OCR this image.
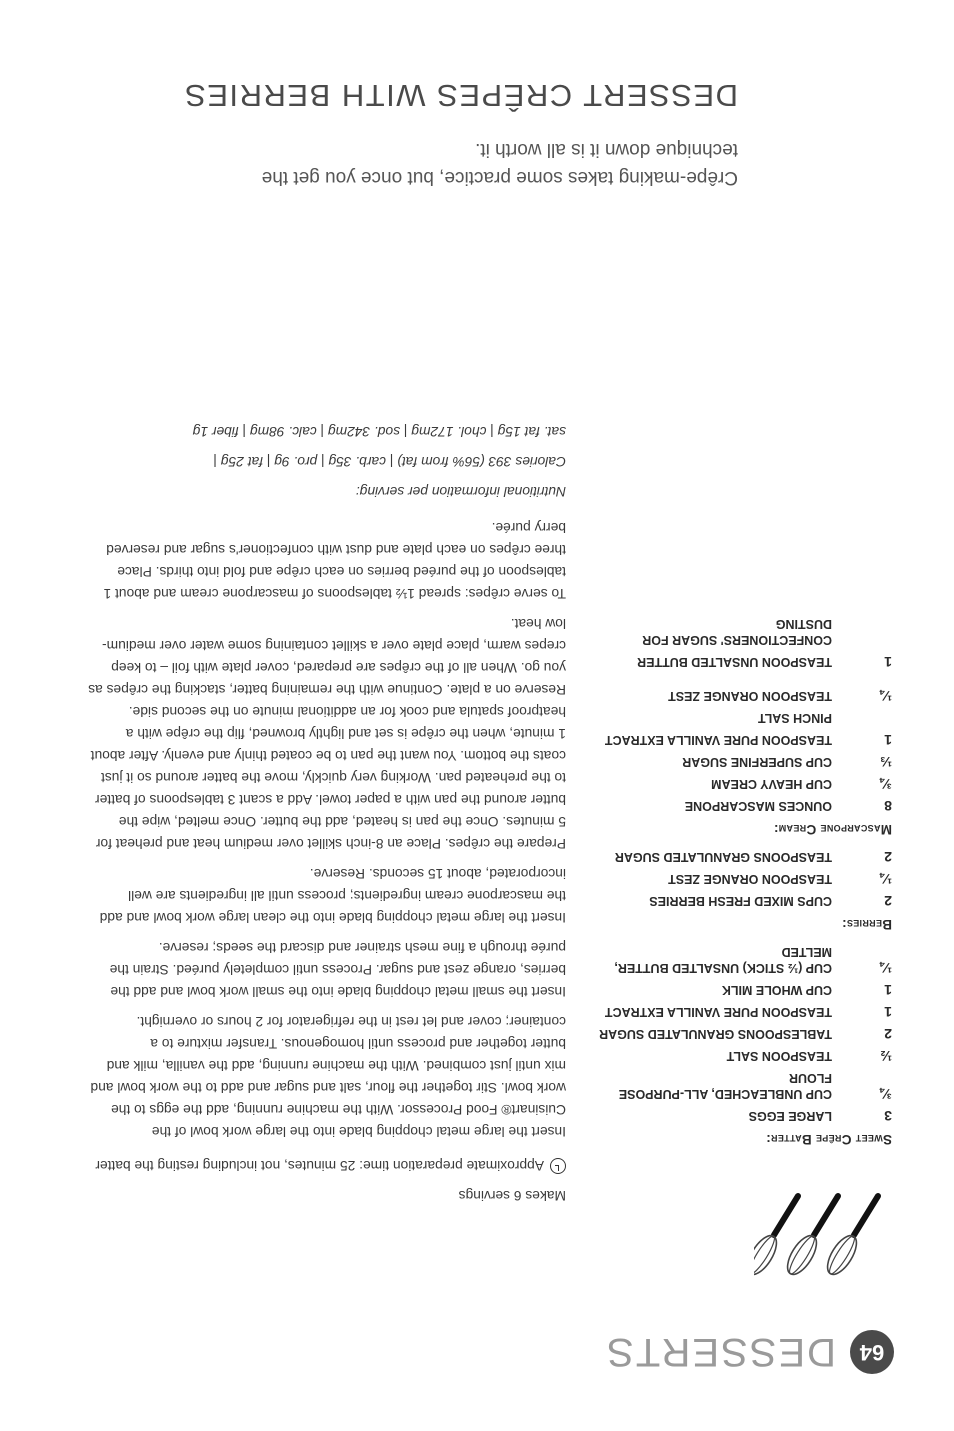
64
DESSERTS
DESSERT CRÊPES WITH BERRIES
Crêpe-making takes some practice, but once you get the technique down it is all worth it.
Sweet Crêpe Batter:
3
LARGE EGGS
¾
CUP UNBLEACHED, ALL-PURPOSE FLOUR
½
TEASPOON SALT
2
TABLESPOONS GRANULATED SUGAR
1
TEASPOON PURE VANILLA EXTRACT
1
CUP WHOLE MILK
¼
CUP (½ STICK) UNSALTED BUTTER, MELTED
Berries:
2
CUPS MIXED FRESH BERRIES
¼
TEASPOON ORANGE ZEST
2
TEASPOONS GRANULATED SUGAR
Mascarpone Cream:
8
OUNCES MASCARPONE
¾
CUP HEAVY CREAM
⅓
CUP SUPERFINE SUGAR
1
TEASPOON PURE VANILLA EXTRACT
PINCH SALT
¼
TEASPOON ORANGE ZEST
1
TEASPOON UNSALTED BUTTER
CONFECTIONERS' SUGAR FOR DUSTING

Makes 6 servings

Approximate preparation time: 25 minutes, not including resting the batter

Insert the large metal chopping blade into the large work bowl of the Cuisinart® Food Processor. With the machine running, add the eggs to the work bowl. Stir together the flour, salt and sugar and add to the work bowl and mix until just combined. With the machine running, add the vanilla, milk and butter together and process until homogenous. Transfer mixture to a container; cover and let rest in the refrigerator for 2 hours or overnight.

Insert the small metal chopping blade into the small work bowl and add the berries, orange zest and sugar. Process until completely puréed. Strain the purée through a fine mesh strainer and discard the seeds; reserve.

Insert the large metal chopping blade into the clean large work bowl and add the mascarpone cream ingredients; process until all ingredients are well incorporated, about 15 seconds. Reserve.

Prepare the crêpes. Place an 8-inch skillet over medium heat and preheat for 5 minutes. Once the pan is heated, add the butter. Once melted, wipe the butter around the pan with a paper towel. Add a scant 3 tablespoons of batter to the preheated pan. Working very quickly, move the batter around so it just coats the bottom. You want the pan to be coated thinly and evenly. After about 1 minute, when the crêpe is set and lightly browned, flip the crêpe with a heatproof spatula and cook for an additional minute on the second side. Reserve on a plate. Continue with the remaining batter, stacking the crêpes as you go. When all of the crêpes are prepared, cover plate with foil – to keep crepes warm, place plate over a skillet containing some water over medium-low heat.

To serve crêpes: spread 1½ tablespoons of mascarpone cream and about 1 tablespoon of the puréed berries on each crêpe and fold into thirds. Place three crêpes on each plate and dust with confectioner's sugar and reserved berry purée.

Nutritional information per serving:

Calories 393 (56% from fat) | carb. 35g | pro. 9g | fat 25g |

sat. fat 15g | chol. 172mg | sod. 342mg | calc. 98mg | fiber 1g
